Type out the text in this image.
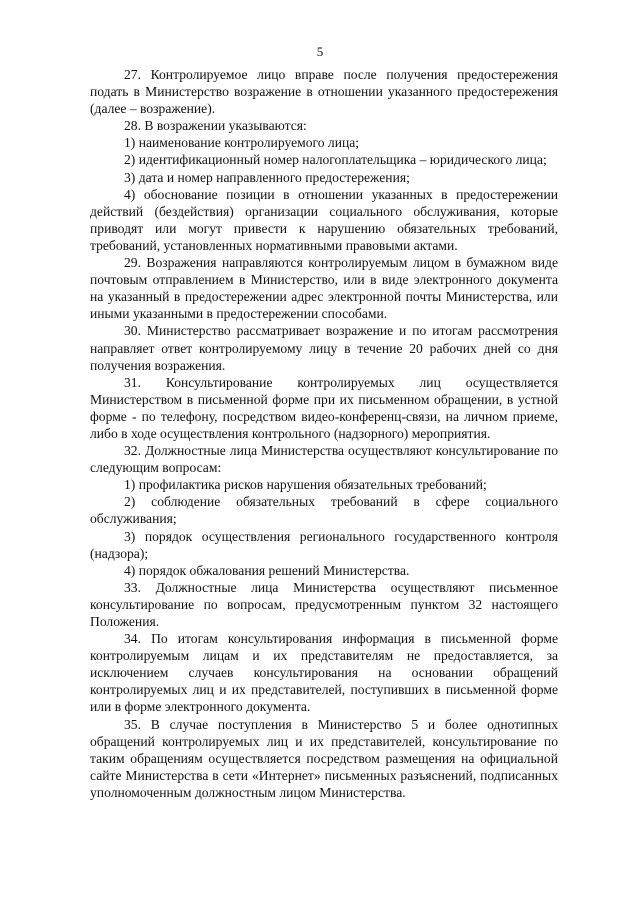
5

27. Контролируемое лицо вправе после получения предостережения подать в Министерство возражение в отношении указанного предостережения (далее – возражение).

28. В возражении указываются:

1) наименование контролируемого лица;

2) идентификационный номер налогоплательщика – юридического лица;

3) дата и номер направленного предостережения;

4) обоснование позиции в отношении указанных в предостережении действий (бездействия) организации социального обслуживания, которые приводят или могут привести к нарушению обязательных требований, требований, установленных нормативными правовыми актами.

29. Возражения направляются контролируемым лицом в бумажном виде почтовым отправлением в Министерство, или в виде электронного документа на указанный в предостережении адрес электронной почты Министерства, или иными указанными в предостережении способами.

30. Министерство рассматривает возражение и по итогам рассмотрения направляет ответ контролируемому лицу в течение 20 рабочих дней со дня получения возражения.

31. Консультирование контролируемых лиц осуществляется Министерством в письменной форме при их письменном обращении, в устной форме - по телефону, посредством видео-конференц-связи, на личном приеме, либо в ходе осуществления контрольного (надзорного) мероприятия.

32. Должностные лица Министерства осуществляют консультирование по следующим вопросам:

1) профилактика рисков нарушения обязательных требований;

2) соблюдение обязательных требований в сфере социального обслуживания;

3) порядок осуществления регионального государственного контроля (надзора);

4) порядок обжалования решений Министерства.

33. Должностные лица Министерства осуществляют письменное консультирование по вопросам, предусмотренным пунктом 32 настоящего Положения.

34. По итогам консультирования информация в письменной форме контролируемым лицам и их представителям не предоставляется, за исключением случаев консультирования на основании обращений контролируемых лиц и их представителей, поступивших в письменной форме или в форме электронного документа.

35. В случае поступления в Министерство 5 и более однотипных обращений контролируемых лиц и их представителей, консультирование по таким обращениям осуществляется посредством размещения на официальной сайте Министерства в сети «Интернет» письменных разъяснений, подписанных уполномоченным должностным лицом Министерства.
